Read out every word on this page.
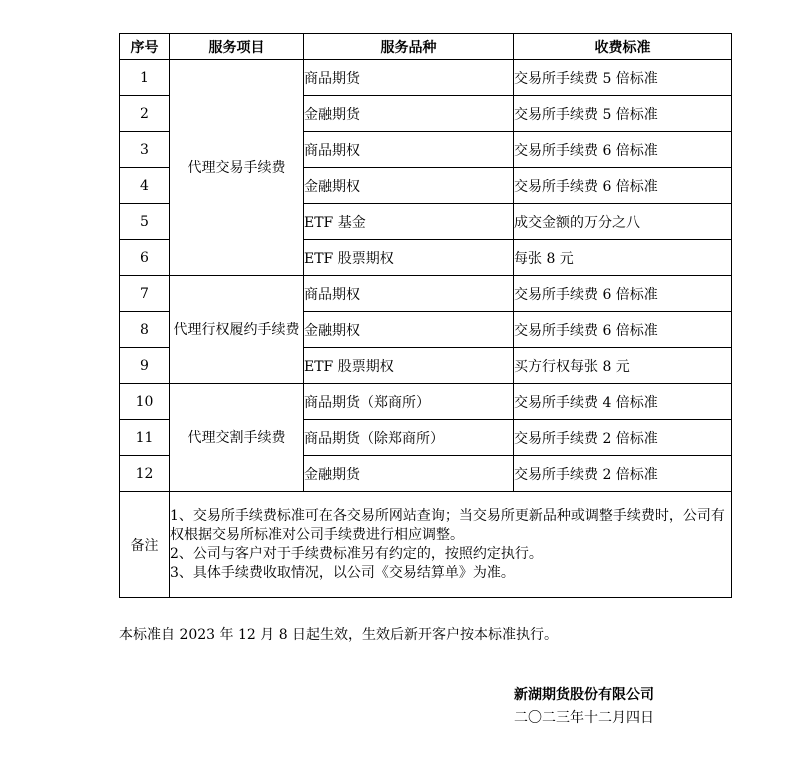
序号	服务项目	服务品种	收费标准
1	代理交易手续费	商品期货	交易所手续费 5 倍标准
2		金融期货	交易所手续费 5 倍标准
3		商品期权	交易所手续费 6 倍标准
4		金融期权	交易所手续费 6 倍标准
5		ETF 基金	成交金额的万分之八
6		ETF 股票期权	每张 8 元
7	代理行权履约手续费	商品期权	交易所手续费 6 倍标准
8		金融期权	交易所手续费 6 倍标准
9		ETF 股票期权	买方行权每张 8 元
10	代理交割手续费	商品期货（郑商所）	交易所手续费 4 倍标准
11		商品期货（除郑商所）	交易所手续费 2 倍标准
12		金融期货	交易所手续费 2 倍标准
备注	1、交易所手续费标准可在各交易所网站查询；当交易所更新品种或调整手续费时，公司有权根据交易所标准对公司手续费进行相应调整。
2、公司与客户对于手续费标准另有约定的，按照约定执行。
3、具体手续费收取情况，以公司《交易结算单》为准。		
本标准自 2023 年 12 月 8 日起生效，生效后新开客户按本标准执行。
新湖期货股份有限公司
二〇二三年十二月四日
